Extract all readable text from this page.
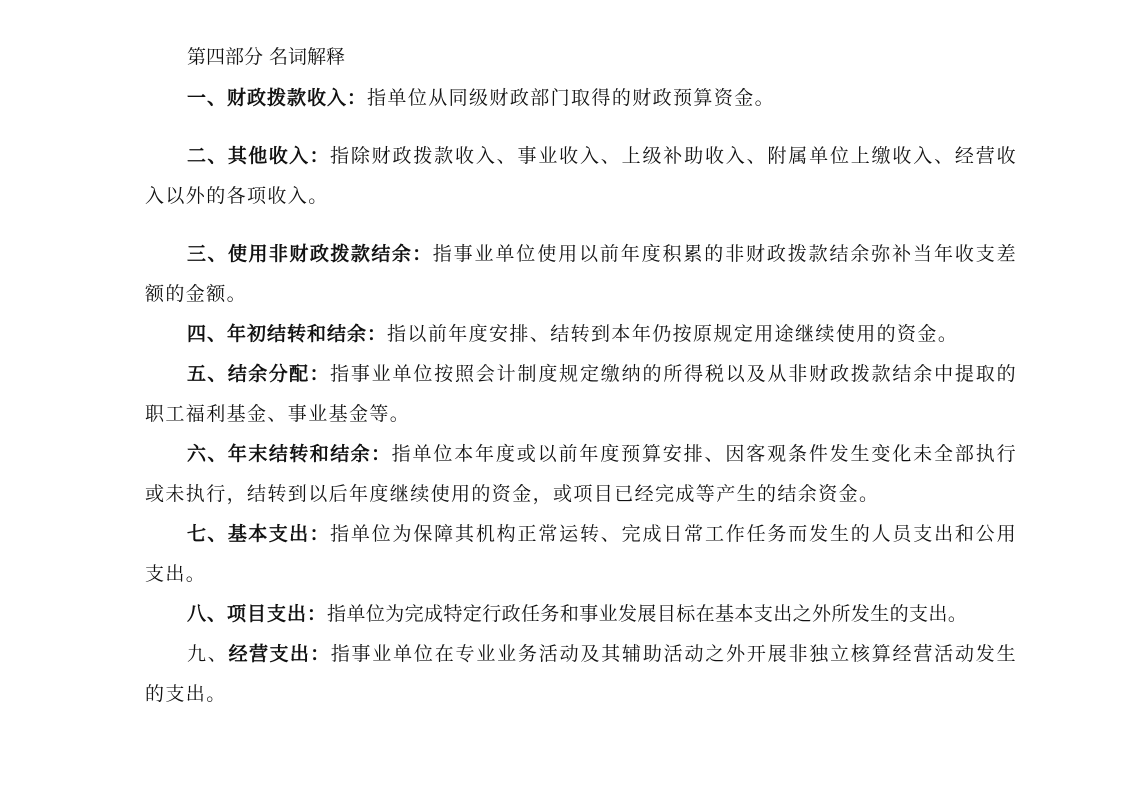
第四部分 名词解释

一、财政拨款收入：指单位从同级财政部门取得的财政预算资金。

二、其他收入：指除财政拨款收入、事业收入、上级补助收入、附属单位上缴收入、经营收入以外的各项收入。

三、使用非财政拨款结余：指事业单位使用以前年度积累的非财政拨款结余弥补当年收支差额的金额。

四、年初结转和结余：指以前年度安排、结转到本年仍按原规定用途继续使用的资金。

五、结余分配：指事业单位按照会计制度规定缴纳的所得税以及从非财政拨款结余中提取的职工福利基金、事业基金等。

六、年末结转和结余：指单位本年度或以前年度预算安排、因客观条件发生变化未全部执行或未执行，结转到以后年度继续使用的资金，或项目已经完成等产生的结余资金。

七、基本支出：指单位为保障其机构正常运转、完成日常工作任务而发生的人员支出和公用支出。

八、项目支出：指单位为完成特定行政任务和事业发展目标在基本支出之外所发生的支出。

九、经营支出：指事业单位在专业业务活动及其辅助活动之外开展非独立核算经营活动发生的支出。
